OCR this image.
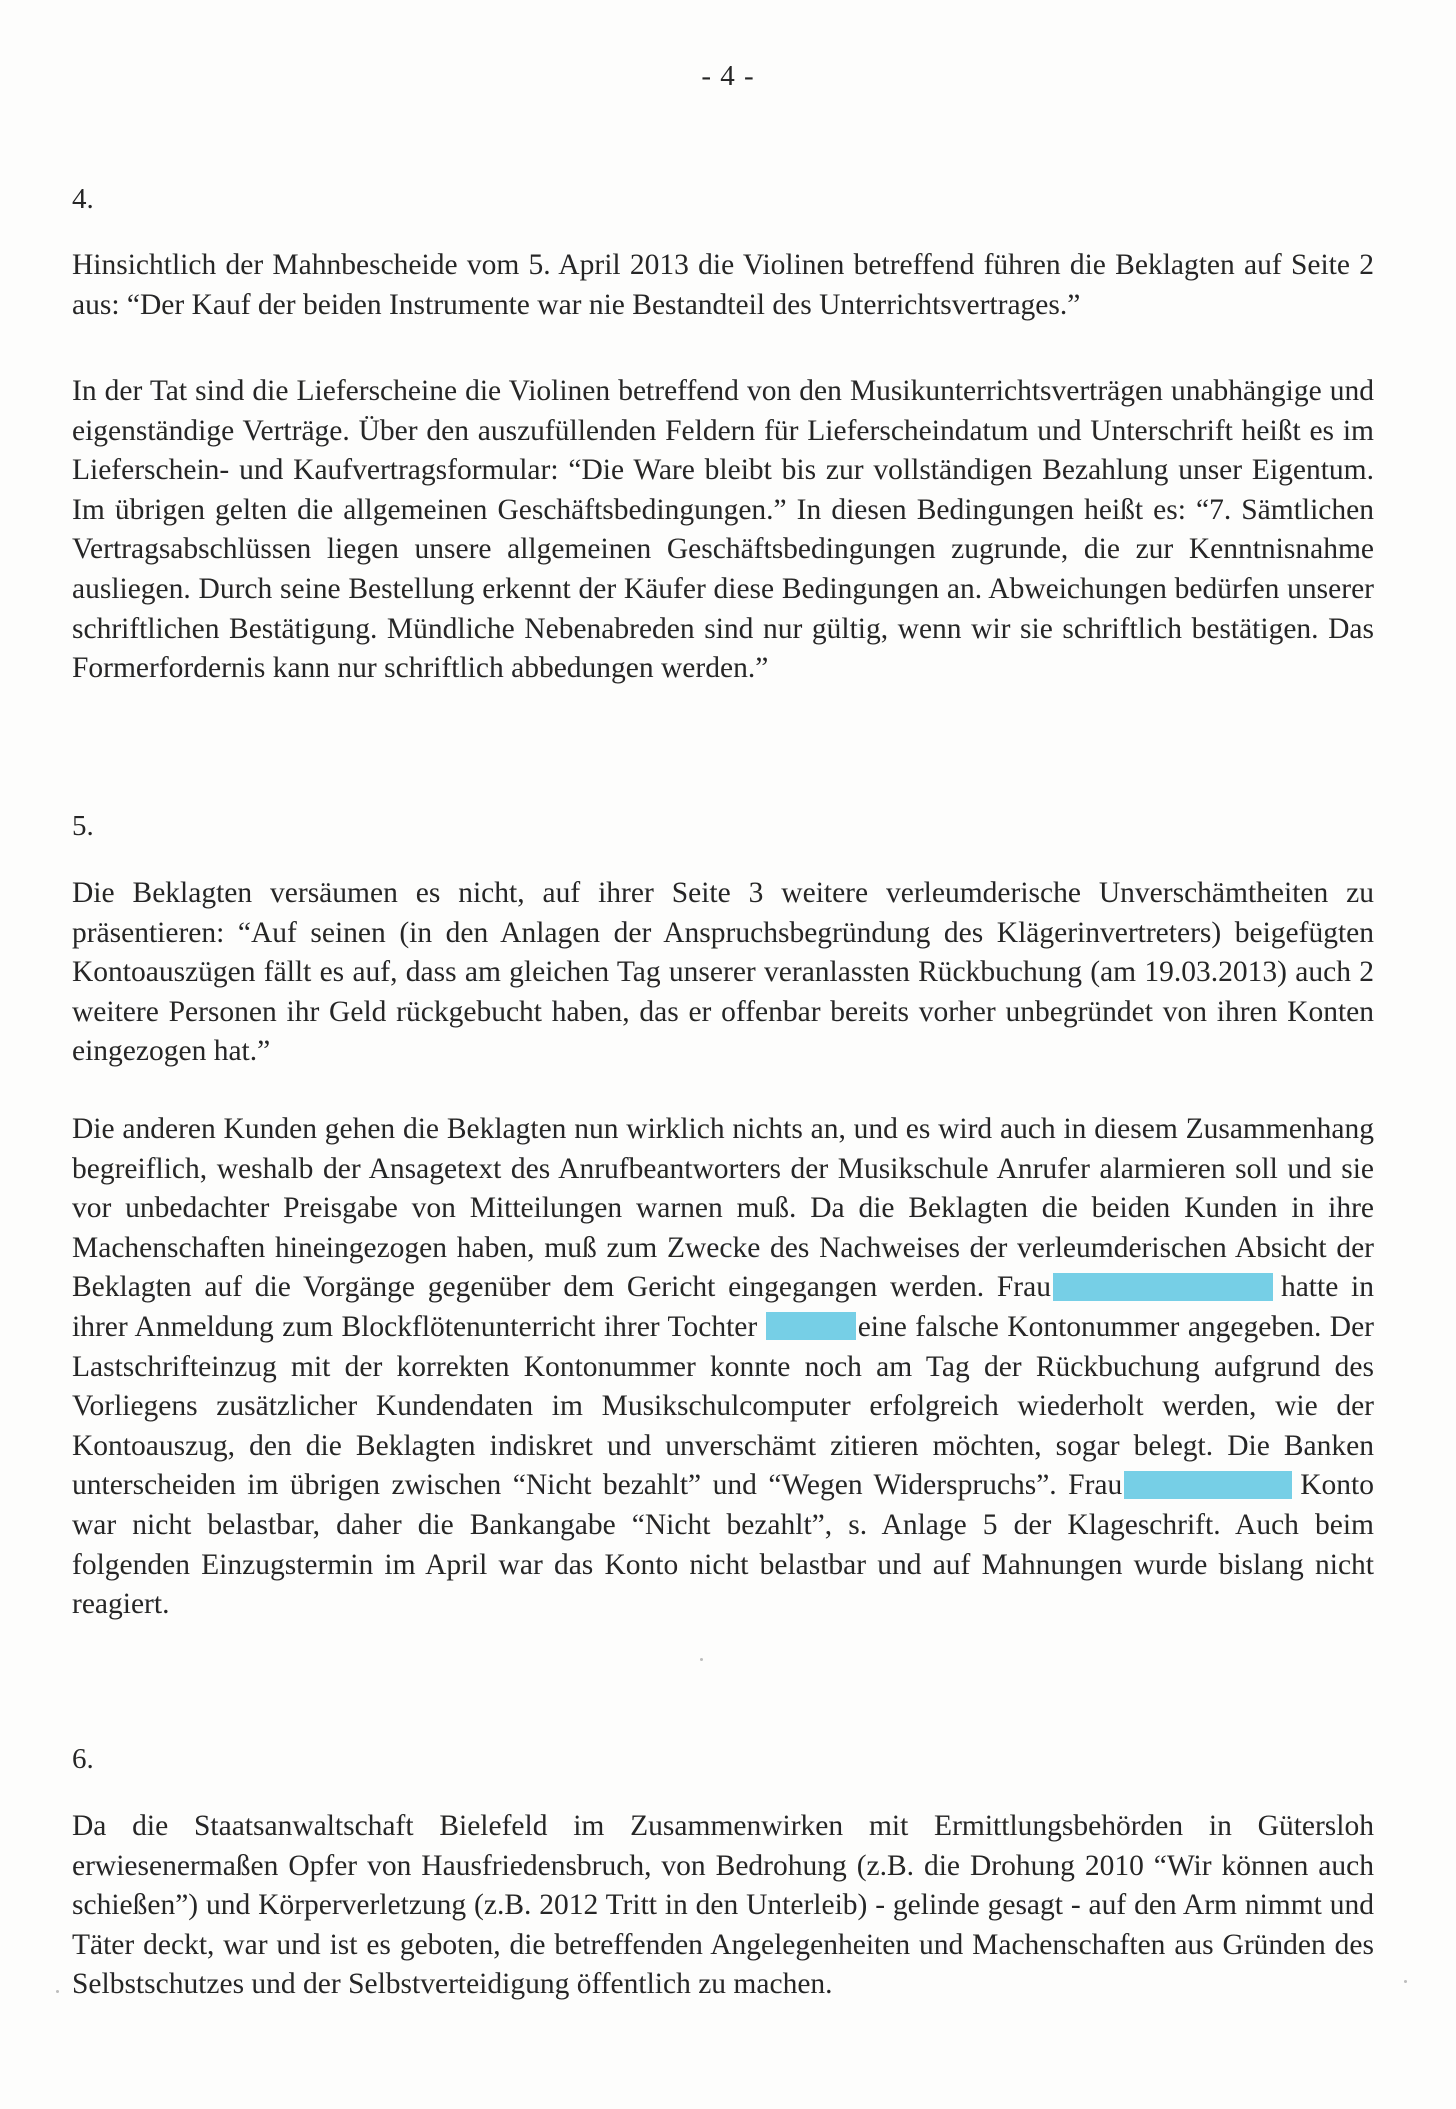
- 4 -
4.

Hinsichtlich der Mahnbescheide vom 5. April 2013 die Violinen betreffend führen die Beklagten auf Seite 2 aus: “Der Kauf der beiden Instrumente war nie Bestandteil des Unterrichtsvertrages.”

In der Tat sind die Lieferscheine die Violinen betreffend von den Musikunterrichtsverträgen unabhängige und eigenständige Verträge. Über den auszufüllenden Feldern für Lieferscheindatum und Unterschrift heißt es im Lieferschein- und Kaufvertragsformular: “Die Ware bleibt bis zur vollständigen Bezahlung unser Eigentum. Im übrigen gelten die allgemeinen Geschäftsbedingungen.” In diesen Bedingungen heißt es: “7. Sämtlichen Vertragsabschlüssen liegen unsere allgemeinen Geschäftsbedingungen zugrunde, die zur Kenntnisnahme ausliegen. Durch seine Bestellung erkennt der Käufer diese Bedingungen an. Abweichungen bedürfen unserer schriftlichen Bestätigung. Mündliche Nebenabreden sind nur gültig, wenn wir sie schriftlich bestätigen. Das Formerfordernis kann nur schriftlich abbedungen werden.”

5.

Die Beklagten versäumen es nicht, auf ihrer Seite 3 weitere verleumderische Unverschämtheiten zu präsentieren: “Auf seinen (in den Anlagen der Anspruchsbegründung des Klägerinvertreters) beigefügten Kontoauszügen fällt es auf, dass am gleichen Tag unserer veranlassten Rückbuchung (am 19.03.2013) auch 2 weitere Personen ihr Geld rückgebucht haben, das er offenbar bereits vorher unbegründet von ihren Konten eingezogen hat.”

Die anderen Kunden gehen die Beklagten nun wirklich nichts an, und es wird auch in diesem Zusammenhang begreiflich, weshalb der Ansagetext des Anrufbeantworters der Musikschule Anrufer alarmieren soll und sie vor unbedachter Preisgabe von Mitteilungen warnen muß. Da die Beklagten die beiden Kunden in ihre Machenschaften hineingezogen haben, muß zum Zwecke des Nachweises der verleumderischen Absicht der Beklagten auf die Vorgänge gegenüber dem Gericht eingegangen werden. Frau	hatte in ihrer Anmeldung zum Blockflötenunterricht ihrer Tochter	eine falsche Kontonummer angegeben. Der Lastschrifteinzug mit der korrekten Kontonummer konnte noch am Tag der Rückbuchung aufgrund des Vorliegens zusätzlicher Kundendaten im Musikschulcomputer erfolgreich wiederholt werden, wie der Kontoauszug, den die Beklagten indiskret und unverschämt zitieren möchten, sogar belegt. Die Banken unterscheiden im übrigen zwischen “Nicht bezahlt” und “Wegen Widerspruchs”. Frau	Konto war nicht belastbar, daher die Bankangabe “Nicht bezahlt”, s. Anlage 5 der Klageschrift. Auch beim folgenden Einzugstermin im April war das Konto nicht belastbar und auf Mahnungen wurde bislang nicht reagiert.

6.

Da die Staatsanwaltschaft Bielefeld im Zusammenwirken mit Ermittlungsbehörden in Gütersloh erwiesenermaßen Opfer von Hausfriedensbruch, von Bedrohung (z.B. die Drohung 2010 “Wir können auch schießen”) und Körperverletzung (z.B. 2012 Tritt in den Unterleib) - gelinde gesagt - auf den Arm nimmt und Täter deckt, war und ist es geboten, die betreffenden Angelegenheiten und Machenschaften aus Gründen des Selbstschutzes und der Selbstverteidigung öffentlich zu machen.
